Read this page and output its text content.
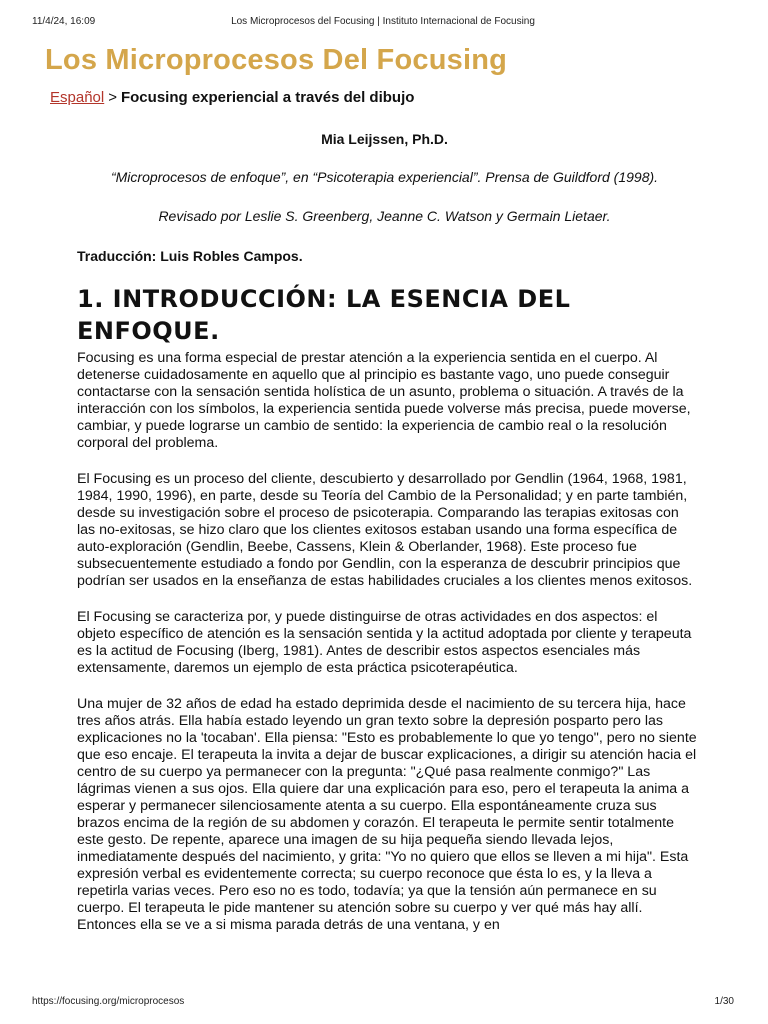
11/4/24, 16:09	Los Microprocesos del Focusing | Instituto Internacional de Focusing
Los Microprocesos Del Focusing
Español > Focusing experiencial a través del dibujo
Mia Leijssen, Ph.D.
“Microprocesos de enfoque”, en “Psicoterapia experiencial”. Prensa de Guildford (1998).
Revisado por Leslie S. Greenberg, Jeanne C. Watson y Germain Lietaer.
Traducción: Luis Robles Campos.
1. INTRODUCCIÓN: LA ESENCIA DEL ENFOQUE.

Focusing es una forma especial de prestar atención a la experiencia sentida en el cuerpo. Al detenerse cuidadosamente en aquello que al principio es bastante vago, uno puede conseguir contactarse con la sensación sentida holística de un asunto, problema o situación. A través de la interacción con los símbolos, la experiencia sentida puede volverse más precisa, puede moverse, cambiar, y puede lograrse un cambio de sentido: la experiencia de cambio real o la resolución corporal del problema.

El Focusing es un proceso del cliente, descubierto y desarrollado por Gendlin (1964, 1968, 1981, 1984, 1990, 1996), en parte, desde su Teoría del Cambio de la Personalidad; y en parte también, desde su investigación sobre el proceso de psicoterapia. Comparando las terapias exitosas con las no-exitosas, se hizo claro que los clientes exitosos estaban usando una forma específica de auto-exploración (Gendlin, Beebe, Cassens, Klein & Oberlander, 1968). Este proceso fue subsecuentemente estudiado a fondo por Gendlin, con la esperanza de descubrir principios que podrían ser usados en la enseñanza de estas habilidades cruciales a los clientes menos exitosos.

El Focusing se caracteriza por, y puede distinguirse de otras actividades en dos aspectos: el objeto específico de atención es la sensación sentida y la actitud adoptada por cliente y terapeuta es la actitud de Focusing (Iberg, 1981). Antes de describir estos aspectos esenciales más extensamente, daremos un ejemplo de esta práctica psicoterapéutica.

Una mujer de 32 años de edad ha estado deprimida desde el nacimiento de su tercera hija, hace tres años atrás. Ella había estado leyendo un gran texto sobre la depresión posparto pero las explicaciones no la 'tocaban'. Ella piensa: "Esto es probablemente lo que yo tengo", pero no siente que eso encaje. El terapeuta la invita a dejar de buscar explicaciones, a dirigir su atención hacia el centro de su cuerpo ya permanecer con la pregunta: "¿Qué pasa realmente conmigo?" Las lágrimas vienen a sus ojos. Ella quiere dar una explicación para eso, pero el terapeuta la anima a esperar y permanecer silenciosamente atenta a su cuerpo. Ella espontáneamente cruza sus brazos encima de la región de su abdomen y corazón. El terapeuta le permite sentir totalmente este gesto. De repente, aparece una imagen de su hija pequeña siendo llevada lejos, inmediatamente después del nacimiento, y grita: "Yo no quiero que ellos se lleven a mi hija". Esta expresión verbal es evidentemente correcta; su cuerpo reconoce que ésta lo es, y la lleva a repetirla varias veces. Pero eso no es todo, todavía; ya que la tensión aún permanece en su cuerpo. El terapeuta le pide mantener su atención sobre su cuerpo y ver qué más hay allí. Entonces ella se ve a si misma parada detrás de una ventana, y en

https://focusing.org/microprocesos	1/30
